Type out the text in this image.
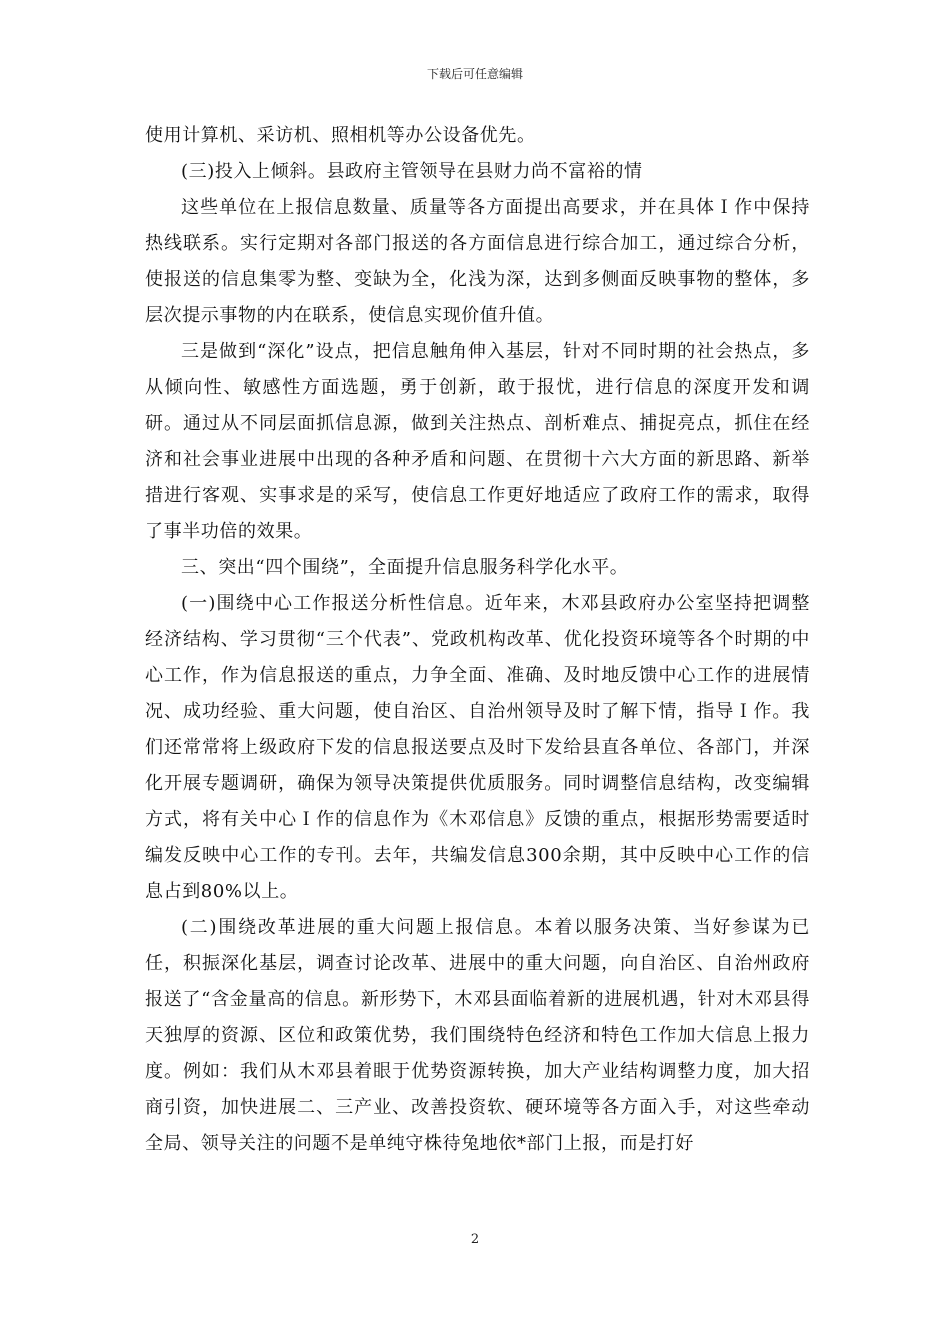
下载后可任意编辑

使用计算机、采访机、照相机等办公设备优先。

(三)投入上倾斜。县政府主管领导在县财力尚不富裕的情

这些单位在上报信息数量、质量等各方面提出高要求，并在具体Ｉ作中保持热线联系。实行定期对各部门报送的各方面信息进行综合加工，通过综合分析，使报送的信息集零为整、变缺为全，化浅为深，达到多侧面反映事物的整体，多层次提示事物的内在联系，使信息实现价值升值。

三是做到“深化”设点，把信息触角伸入基层，针对不同时期的社会热点，多从倾向性、敏感性方面选题，勇于创新，敢于报忧，进行信息的深度开发和调研。通过从不同层面抓信息源，做到关注热点、剖析难点、捕捉亮点，抓住在经济和社会事业进展中出现的各种矛盾和问题、在贯彻十六大方面的新思路、新举措进行客观、实事求是的采写，使信息工作更好地适应了政府工作的需求，取得了事半功倍的效果。

三、突出“四个围绕”，全面提升信息服务科学化水平。

(一)围绕中心工作报送分析性信息。近年来，木邓县政府办公室坚持把调整经济结构、学习贯彻“三个代表”、党政机构改革、优化投资环境等各个时期的中心工作，作为信息报送的重点，力争全面、准确、及时地反馈中心工作的进展情况、成功经验、重大问题，使自治区、自治州领导及时了解下情，指导Ｉ作。我们还常常将上级政府下发的信息报送要点及时下发给县直各单位、各部门，并深化开展专题调研，确保为领导决策提供优质服务。同时调整信息结构，改变编辑方式，将有关中心Ｉ作的信息作为《木邓信息》反馈的重点，根据形势需要适时编发反映中心工作的专刊。去年，共编发信息300余期，其中反映中心工作的信息占到80%以上。

(二)围绕改革进展的重大问题上报信息。本着以服务决策、当好参谋为已任，积振深化基层，调查讨论改革、进展中的重大问题，向自治区、自治州政府报送了“含金量高的信息。新形势下，木邓县面临着新的进展机遇，针对木邓县得天独厚的资源、区位和政策优势，我们围绕特色经济和特色工作加大信息上报力度。例如：我们从木邓县着眼于优势资源转换，加大产业结构调整力度，加大招商引资，加快进展二、三产业、改善投资软、硬环境等各方面入手，对这些牵动全局、领导关注的问题不是单纯守株待兔地依*部门上报，而是打好

2
